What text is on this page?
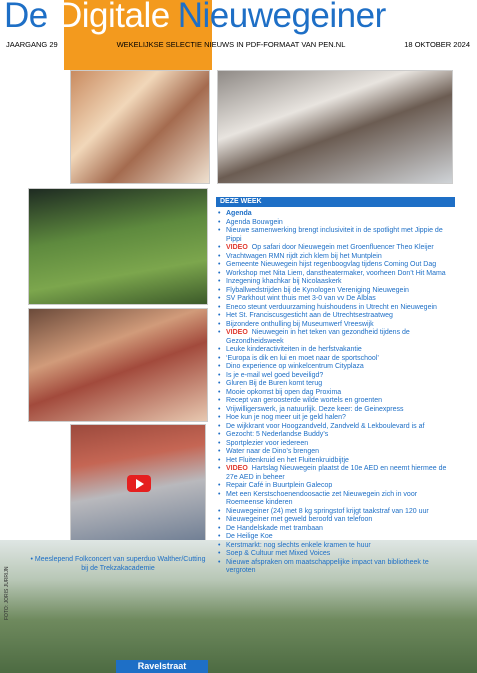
De Digitale Nieuwegeiner
JAARGANG 29	WEKELIJKSE SELECTIE NIEUWS IN PDF-FORMAAT VAN PEN.NL	18 OKTOBER 2024
FOTO: JORIS JURRIJN
Ravelstraat
• Meeslepend Folkconcert van superduo Walther/Cutting bij de Trekzakacademie
DEZE WEEK
• Agenda
• Agenda Bouwgein
• Nieuwe samenwerking brengt inclusiviteit in de spotlight met Jippie de Pippi
• VIDEO Op safari door Nieuwegein met Groenfluencer Theo Kleijer
• Vrachtwagen RMN rijdt zich klem bij het Muntplein
• Gemeente Nieuwegein hijst regenboogvlag tijdens Coming Out Dag
• Workshop met Nita Liem, danstheatermaker, voorheen Don’t Hit Mama
• Inzegening khachkar bij Nicolaaskerk
• Flyballwedstrijden bij de Kynologen Vereniging Nieuwegein
• SV Parkhout wint thuis met 3-0 van vv De Alblas
• Eneco steunt verduurzaming huishoudens in Utrecht en Nieuwegein
• Het St. Franciscusgesticht aan de Utrechtsestraatweg
• Bijzondere onthulling bij Museumwerf Vreeswijk
• VIDEO Nieuwegein in het teken van gezondheid tijdens de Gezondheidsweek
• Leuke kinderactiviteiten in de herfstvakantie
• ‘Europa is dik en lui en moet naar de sportschool’
• Dino experience op winkelcentrum Cityplaza
• Is je e-mail wel goed beveiligd?
• Gluren Bij de Buren komt terug
• Mooie opkomst bij open dag Proxima
• Recept van geroosterde wilde wortels en groenten
• Vrijwilligerswerk, ja natuurlijk. Deze keer: de Geinexpress
• Hoe kun je nog meer uit je geld halen?
• De wijkkrant voor Hoogzandveld, Zandveld & Lekboulevard is af
• Gezocht: 5 Nederlandse Buddy’s
• Sportplezier voor iedereen
• Water naar de Dino’s brengen
• Het Fluitenkruid en het Fluitenkruidbijtje
• VIDEO Hartslag Nieuwegein plaatst de 10e AED en neemt hiermee de 27e AED in beheer
• Repair Café in Buurtplein Galecop
• Met een Kerstschoenendoosactie zet Nieuwegein zich in voor Roemeense kinderen
• Nieuwegeiner (24) met 8 kg springstof krijgt taakstraf van 120 uur
• Nieuwegeiner met geweld beroofd van telefoon
• De Handelskade met trambaan
• De Heilige Koe
• Kerstmarkt: nog slechts enkele kramen te huur
• Soep & Cultuur met Mixed Voices
• Nieuwe afspraken om maatschappelijke impact van bibliotheek te vergroten
